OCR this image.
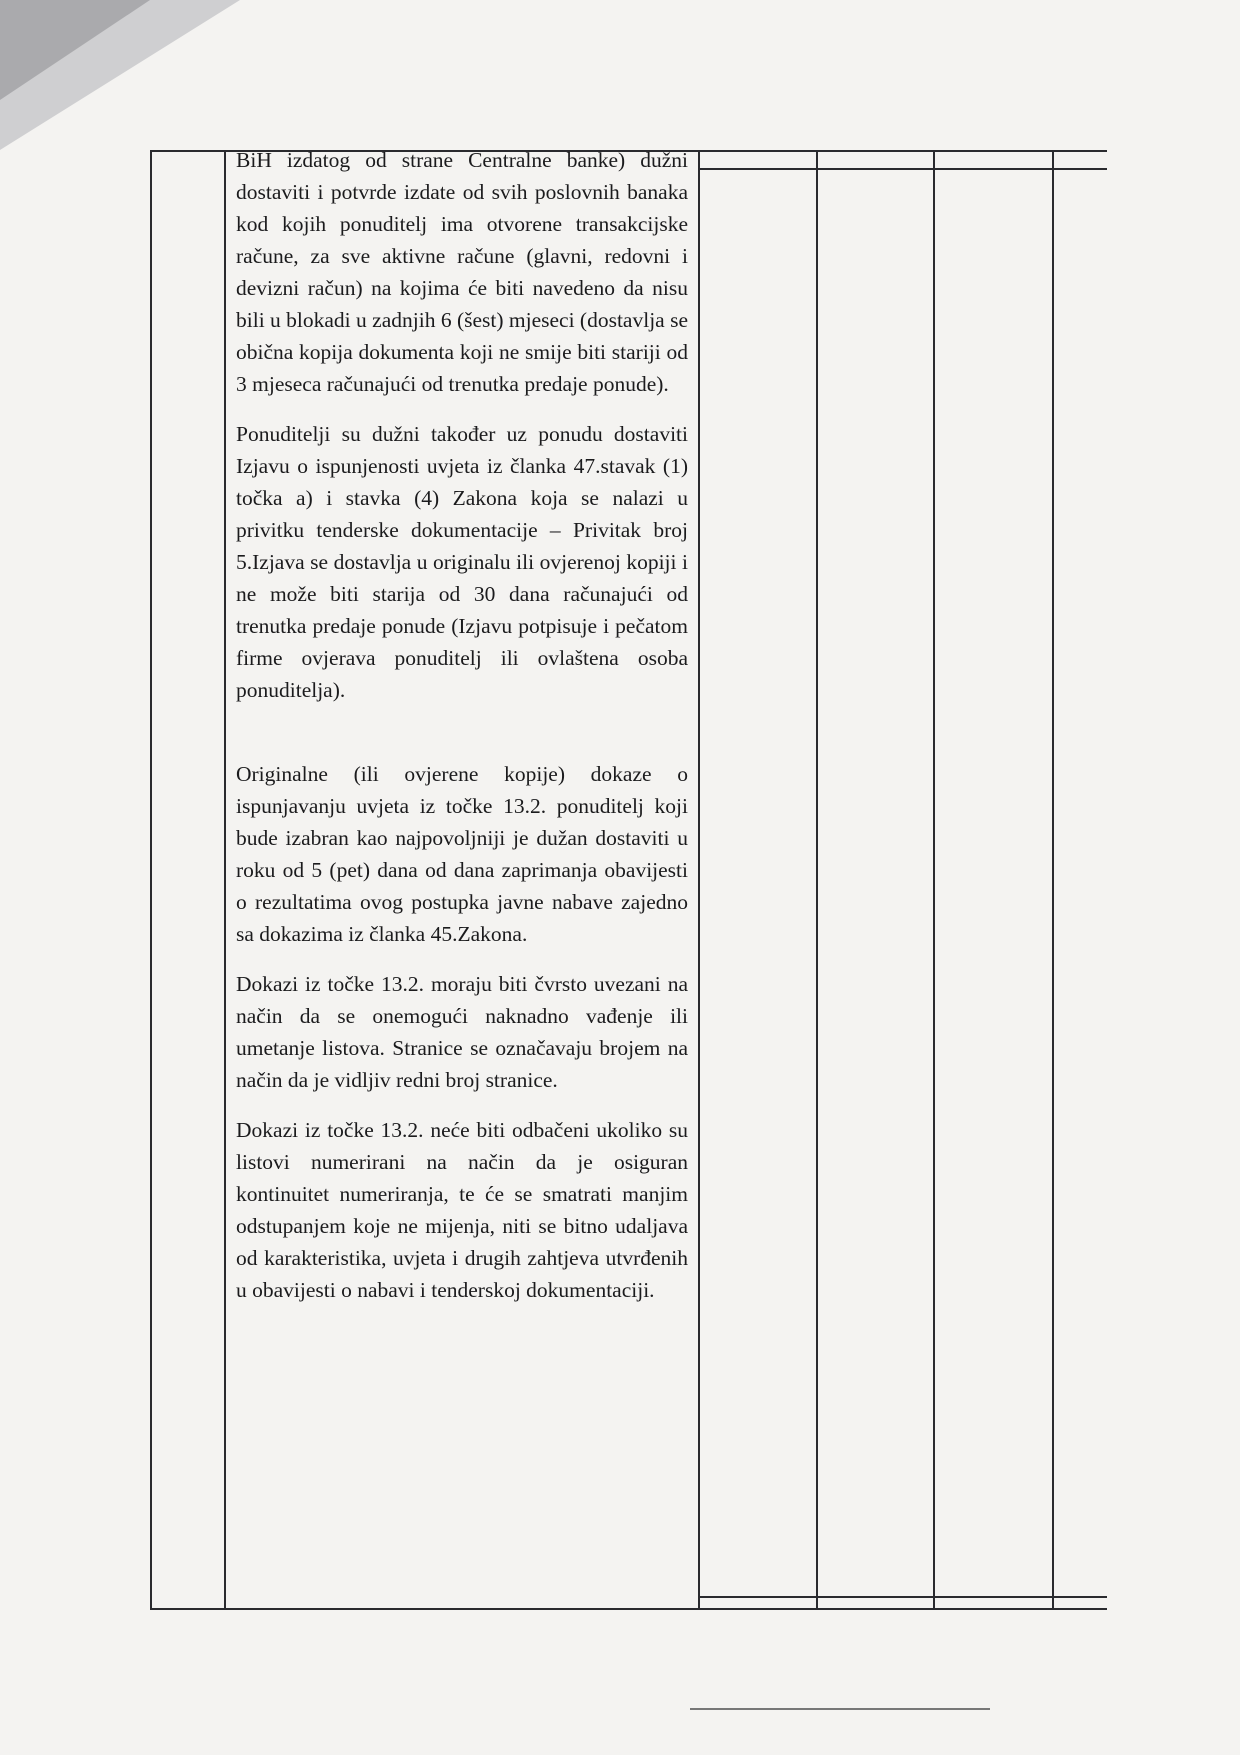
BiH izdatog od strane Centralne banke) dužni dostaviti i potvrde izdate od svih poslovnih banaka kod kojih ponuditelj ima otvorene transakcijske račune, za sve aktivne račune (glavni, redovni i devizni račun) na kojima će biti navedeno da nisu bili u blokadi u zadnjih 6 (šest) mjeseci (dostavlja se obična kopija dokumenta koji ne smije biti stariji od 3 mjeseca računajući od trenutka predaje ponude).

Ponuditelji su dužni također uz ponudu dostaviti Izjavu o ispunjenosti uvjeta iz članka 47.stavak (1) točka a) i stavka (4) Zakona koja se nalazi u privitku tenderske dokumentacije – Privitak broj 5.Izjava se dostavlja u originalu ili ovjerenoj kopiji i ne može biti starija od 30 dana računajući od trenutka predaje ponude (Izjavu potpisuje i pečatom firme ovjerava ponuditelj ili ovlaštena osoba ponuditelja).

Originalne (ili ovjerene kopije) dokaze o ispunjavanju uvjeta iz točke 13.2. ponuditelj koji bude izabran kao najpovoljniji je dužan dostaviti u roku od 5 (pet) dana od dana zaprimanja obavijesti o rezultatima ovog postupka javne nabave zajedno sa dokazima iz članka 45.Zakona.

Dokazi iz točke 13.2. moraju biti čvrsto uvezani na način da se onemogući naknadno vađenje ili umetanje listova. Stranice se označavaju brojem na način da je vidljiv redni broj stranice.

Dokazi iz točke 13.2. neće biti odbačeni ukoliko su listovi numerirani na način da je osiguran kontinuitet numeriranja, te će se smatrati manjim odstupanjem koje ne mijenja, niti se bitno udaljava od karakteristika, uvjeta i drugih zahtjeva utvrđenih u obavijesti o nabavi i tenderskoj dokumentaciji.
